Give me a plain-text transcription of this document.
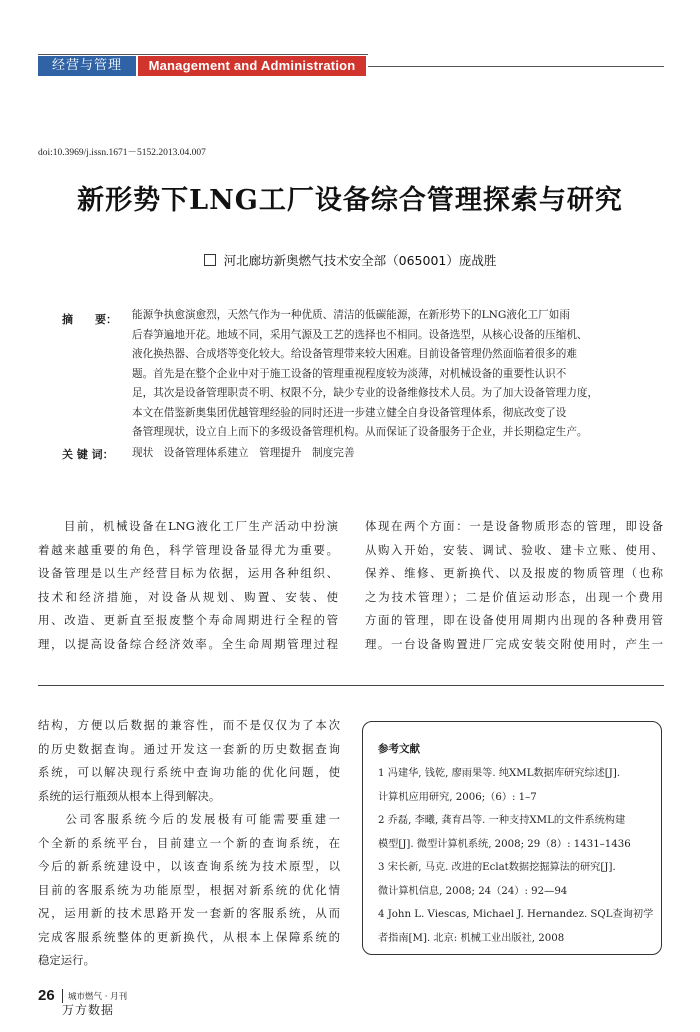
经营与管理	Management and Administration
doi:10.3969/j.issn.1671－5152.2013.04.007
新形势下LNG工厂设备综合管理探索与研究
河北廊坊新奥燃气技术安全部（065001）庞战胜
摘　　要： 能源争执愈演愈烈，天然气作为一种优质、清洁的低碳能源，在新形势下的LNG液化工厂如雨
后春笋遍地开花。地域不同，采用气源及工艺的选择也不相同。设备选型，从核心设备的压缩机、
液化换热器、合成塔等变化较大。给设备管理带来较大困难。目前设备管理仍然面临着很多的难
题。首先是在整个企业中对于施工设备的管理重视程度较为淡薄，对机械设备的重要性认识不
足，其次是设备管理职责不明、权限不分，缺少专业的设备维修技术人员。为了加大设备管理力度，
本文在借鉴新奥集团优越管理经验的同时还进一步建立健全自身设备管理体系，彻底改变了设
备管理现状，设立自上而下的多级设备管理机构。从而保证了设备服务于企业，并长期稳定生产。
关 键 词： 现状　设备管理体系建立　管理提升　制度完善
　　目前，机械设备在LNG液化工厂生产活动中扮演
着越来越重要的角色，科学管理设备显得尤为重要。
设备管理是以生产经营目标为依据，运用各种组织、
技术和经济措施，对设备从规划、购置、安装、使
用、改造、更新直至报废整个寿命周期进行全程的管
理，以提高设备综合经济效率。全生命周期管理过程
体现在两个方面：一是设备物质形态的管理，即设备
从购入开始，安装、调试、验收、建卡立账、使用、
保养、维修、更新换代、以及报废的物质管理（也称
之为技术管理）；二是价值运动形态，出现一个费用
方面的管理，即在设备使用周期内出现的各种费用管
理。一台设备购置进厂完成安装交附使用时，产生一
结构，方便以后数据的兼容性，而不是仅仅为了本次
的历史数据查询。通过开发这一套新的历史数据查询
系统，可以解决现行系统中查询功能的优化问题，使
系统的运行瓶颈从根本上得到解决。
　　公司客服系统今后的发展极有可能需要重建一
个全新的系统平台，目前建立一个新的查询系统，在
今后的新系统建设中，以该查询系统为技术原型，以
目前的客服系统为功能原型，根据对新系统的优化情
况，运用新的技术思路开发一套新的客服系统，从而
完成客服系统整体的更新换代，从根本上保障系统的
稳定运行。
参考文献
1 冯建华, 钱乾, 廖雨果等. 纯XML数据库研究综述[J].
计算机应用研究, 2006;（6）: 1–7
2 乔磊, 李曦, 龚育昌等. 一种支持XML的文件系统构建
模型[J]. 微型计算机系统, 2008; 29（8）: 1431–1436
3 宋长新, 马克. 改进的Eclat数据挖掘算法的研究[J].
微计算机信息, 2008; 24（24）: 92—94
4 John L. Viescas, Michael J. Hernandez. SQL查询初学
者指南[M]. 北京: 机械工业出版社, 2008
26 城市燃气 · 月刊
万方数据
